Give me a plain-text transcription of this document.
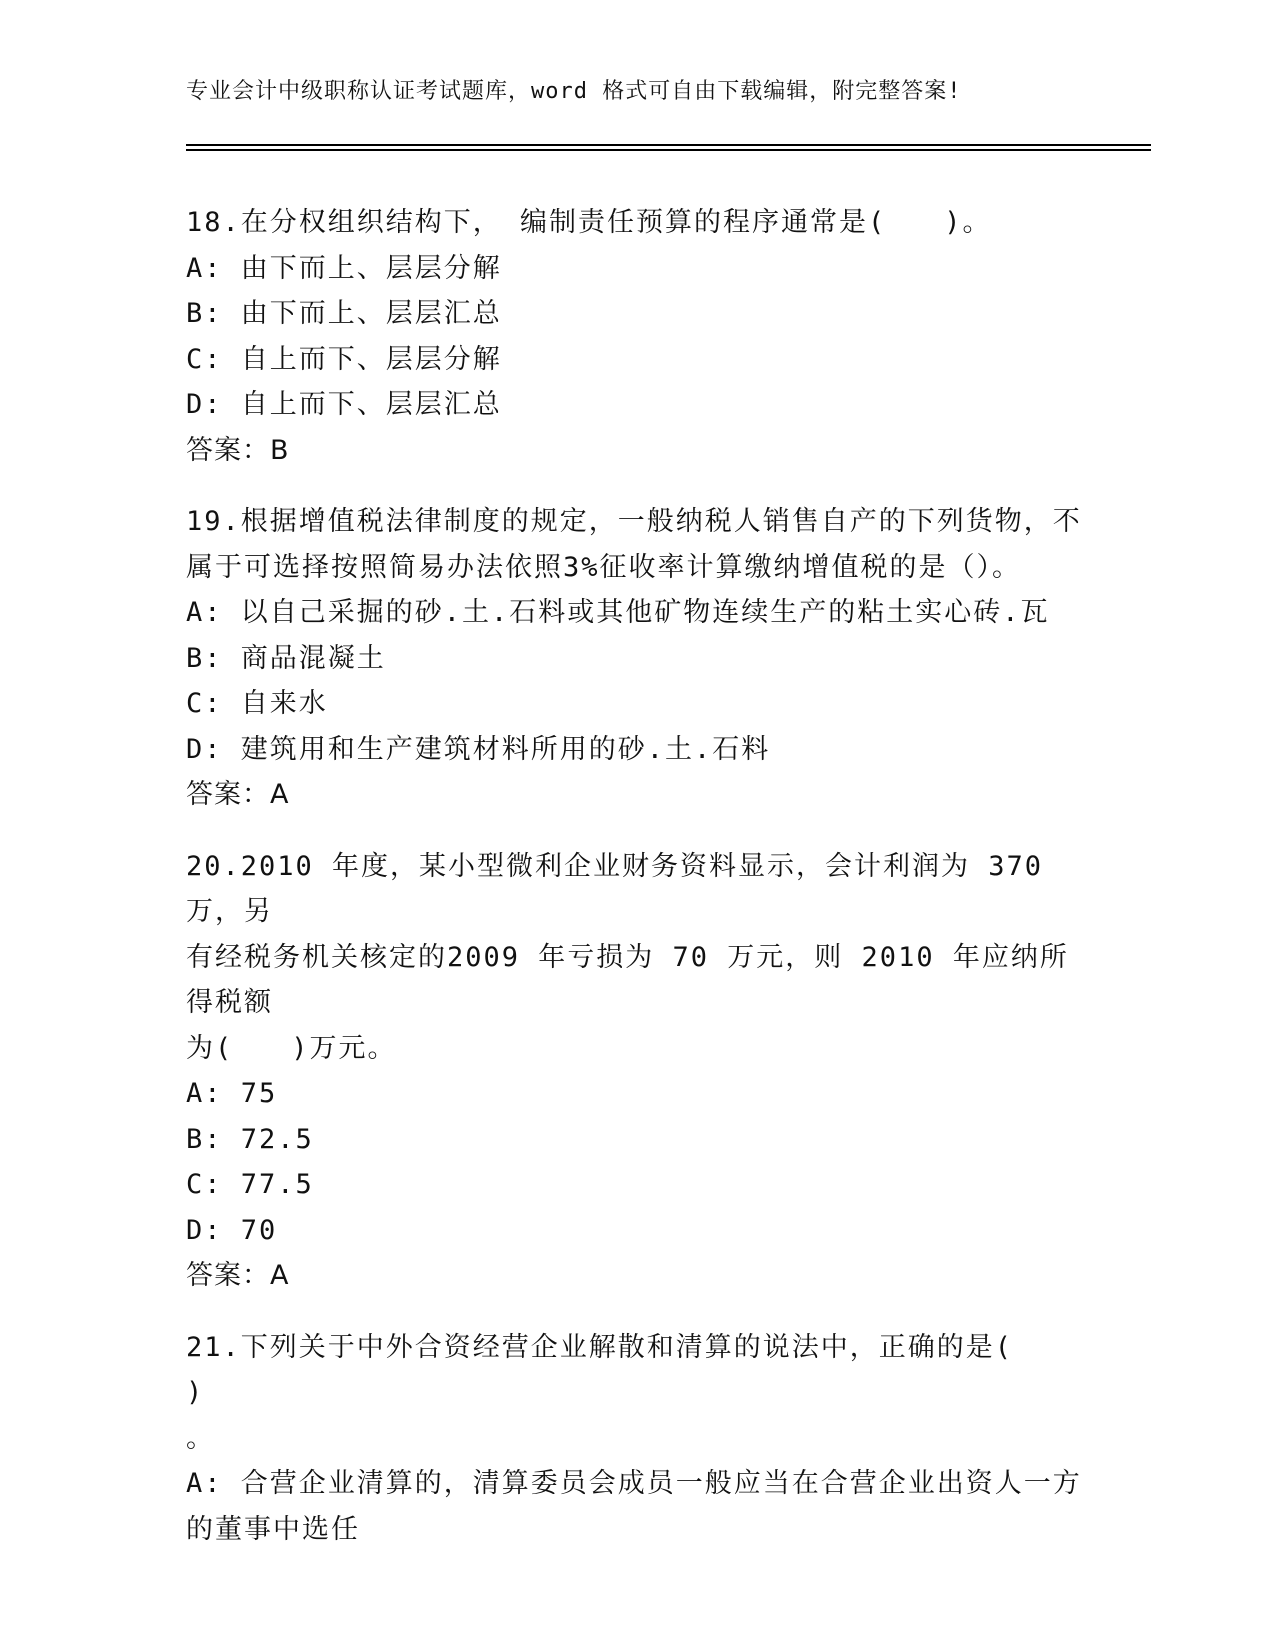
专业会计中级职称认证考试题库，word 格式可自由下载编辑，附完整答案!
18.在分权组织结构下， 编制责任预算的程序通常是(　　)。
A: 由下而上、层层分解
B: 由下而上、层层汇总
C: 自上而下、层层分解
D: 自上而下、层层汇总
答案：B
19.根据增值税法律制度的规定，一般纳税人销售自产的下列货物，不
属于可选择按照简易办法依照3%征收率计算缴纳增值税的是（）。
A: 以自己采掘的砂.土.石料或其他矿物连续生产的粘土实心砖.瓦
B: 商品混凝土
C: 自来水
D: 建筑用和生产建筑材料所用的砂.土.石料
答案：A
20.2010 年度，某小型微利企业财务资料显示，会计利润为 370 万，另
有经税务机关核定的2009 年亏损为 70 万元，则 2010 年应纳所得税额
为(　　)万元。
A: 75
B: 72.5
C: 77.5
D: 70
答案：A
21.下列关于中外合资经营企业解散和清算的说法中，正确的是(　　)
。
A: 合营企业清算的，清算委员会成员一般应当在合营企业出资人一方
的董事中选任
